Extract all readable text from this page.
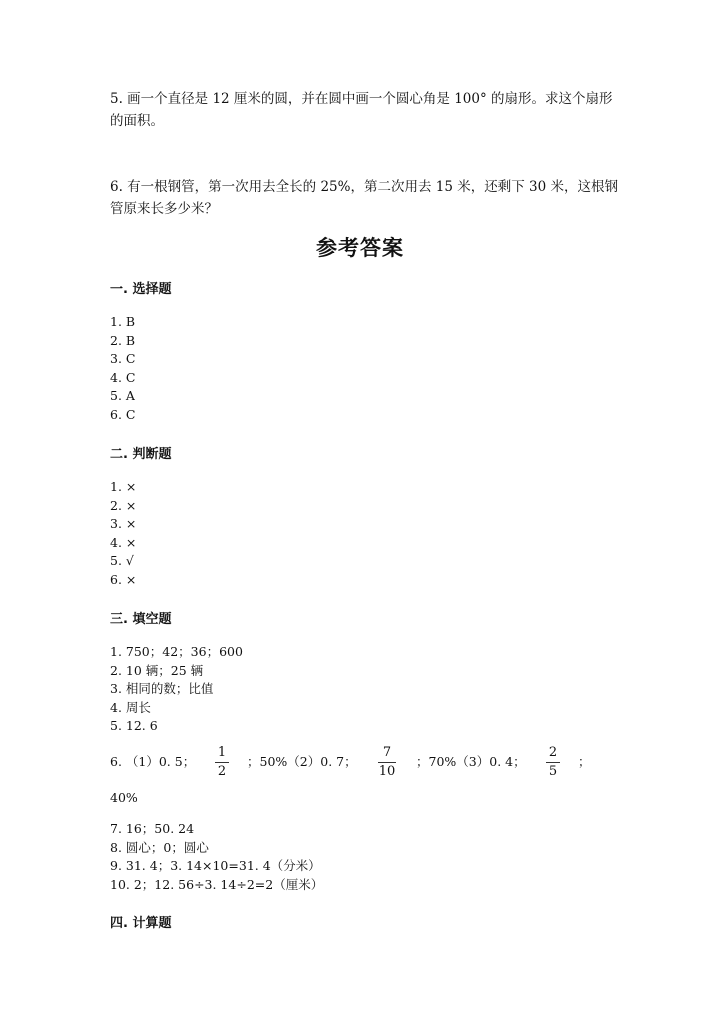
5. 画一个直径是 12 厘米的圆，并在圆中画一个圆心角是 100° 的扇形。求这个扇形的面积。
6. 有一根钢管，第一次用去全长的 25%，第二次用去 15 米，还剩下 30 米，这根钢管原来长多少米？
参考答案
一. 选择题
1. B
2. B
3. C
4. C
5. A
6. C
二. 判断题
1. ×
2. ×
3. ×
4. ×
5. √
6. ×
三. 填空题
1. 750；42；36；600
2. 10 辆；25 辆
3. 相同的数；比值
4. 周长
5. 12. 6
6. （1）0. 5；
1
2
；50%（2）0. 7；
7
10
；70%（3）0. 4；
2
5
；
40%
7. 16；50. 24
8. 圆心；0；圆心
9. 31. 4；3. 14×10=31. 4（分米）
10. 2；12. 56÷3. 14÷2=2（厘米）
四. 计算题
